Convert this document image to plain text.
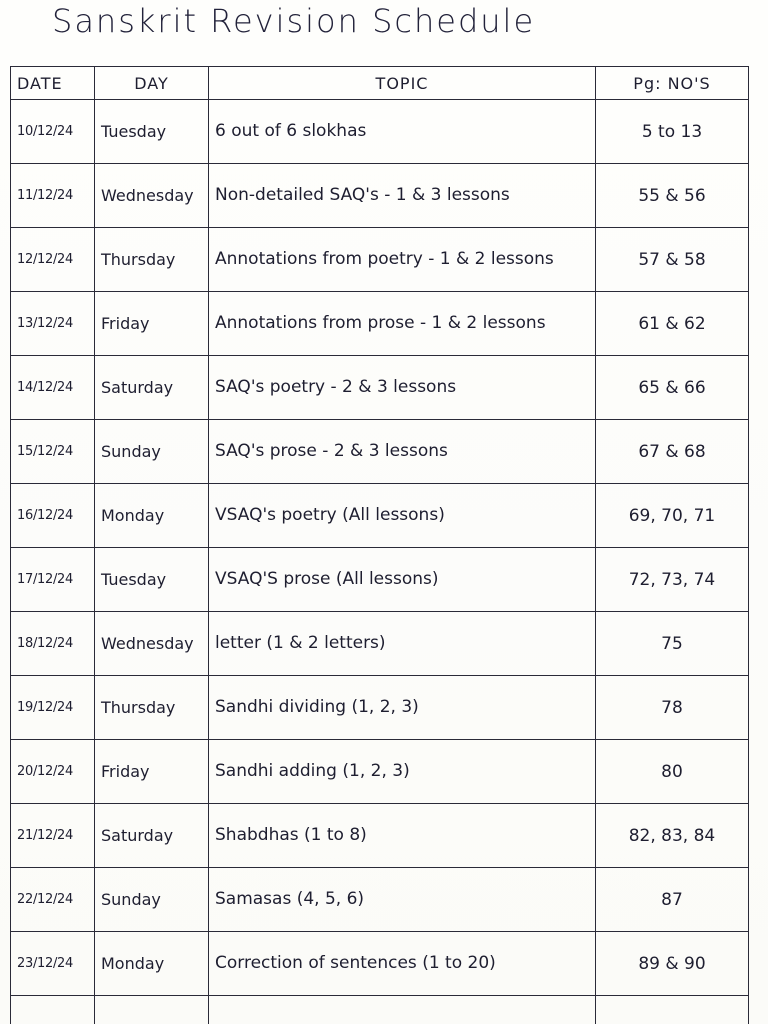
Sanskrit Revision Schedule
DATE	DAY	TOPIC	Pg: NO'S
10/12/24	Tuesday	6 out of 6 slokhas	5 to 13
11/12/24	Wednesday	Non-detailed SAQ's - 1 & 3 lessons	55 & 56
12/12/24	Thursday	Annotations from poetry - 1 & 2 lessons	57 & 58
13/12/24	Friday	Annotations from prose - 1 & 2 lessons	61 & 62
14/12/24	Saturday	SAQ's poetry - 2 & 3 lessons	65 & 66
15/12/24	Sunday	SAQ's prose - 2 & 3 lessons	67 & 68
16/12/24	Monday	VSAQ's poetry (All lessons)	69, 70, 71
17/12/24	Tuesday	VSAQ'S prose (All lessons)	72, 73, 74
18/12/24	Wednesday	letter (1 & 2 letters)	75
19/12/24	Thursday	Sandhi dividing (1, 2, 3)	78
20/12/24	Friday	Sandhi adding (1, 2, 3)	80
21/12/24	Saturday	Shabdhas (1 to 8)	82, 83, 84
22/12/24	Sunday	Samasas (4, 5, 6)	87
23/12/24	Monday	Correction of sentences (1 to 20)	89 & 90
